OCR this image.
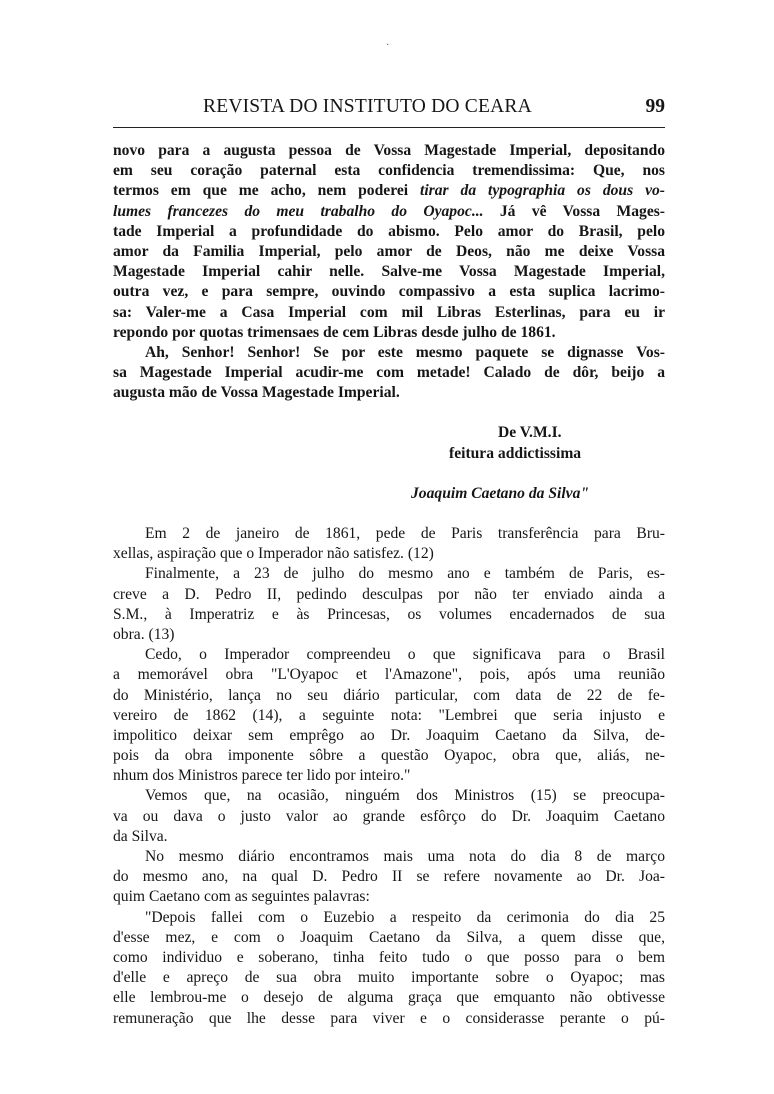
·
REVISTA DO INSTITUTO DO CEARA	99
novo para a augusta pessoa de Vossa Magestade Imperial, depositando
em seu coração paternal esta confidencia tremendissima: Que, nos
termos em que me acho, nem poderei tirar da typographia os dous vo-
lumes francezes do meu trabalho do Oyapoc... Já vê Vossa Mages-
tade Imperial a profundidade do abismo. Pelo amor do Brasil, pelo
amor da Familia Imperial, pelo amor de Deos, não me deixe Vossa
Magestade Imperial cahir nelle. Salve-me Vossa Magestade Imperial,
outra vez, e para sempre, ouvindo compassivo a esta suplica lacrimo-
sa: Valer-me a Casa Imperial com mil Libras Esterlinas, para eu ir
repondo por quotas trimensaes de cem Libras desde julho de 1861.
Ah, Senhor! Senhor! Se por este mesmo paquete se dignasse Vos-
sa Magestade Imperial acudir-me com metade! Calado de dôr, beijo a
augusta mão de Vossa Magestade Imperial.
De V.M.I.
feitura addictissima
Joaquim Caetano da Silva"
Em 2 de janeiro de 1861, pede de Paris transferência para Bru-
xellas, aspiração que o Imperador não satisfez. (12)
Finalmente, a 23 de julho do mesmo ano e também de Paris, es-
creve a D. Pedro II, pedindo desculpas por não ter enviado ainda a
S.M., à Imperatriz e às Princesas, os volumes encadernados de sua
obra. (13)
Cedo, o Imperador compreendeu o que significava para o Brasil
a memorável obra "L'Oyapoc et l'Amazone", pois, após uma reunião
do Ministério, lança no seu diário particular, com data de 22 de fe-
vereiro de 1862 (14), a seguinte nota: "Lembrei que seria injusto e
impolitico deixar sem emprêgo ao Dr. Joaquim Caetano da Silva, de-
pois da obra imponente sôbre a questão Oyapoc, obra que, aliás, ne-
nhum dos Ministros parece ter lido por inteiro."
Vemos que, na ocasião, ninguém dos Ministros (15) se preocupa-
va ou dava o justo valor ao grande esfôrço do Dr. Joaquim Caetano
da Silva.
No mesmo diário encontramos mais uma nota do dia 8 de março
do mesmo ano, na qual D. Pedro II se refere novamente ao Dr. Joa-
quim Caetano com as seguintes palavras:
"Depois fallei com o Euzebio a respeito da cerimonia do dia 25
d'esse mez, e com o Joaquim Caetano da Silva, a quem disse que,
como individuo e soberano, tinha feito tudo o que posso para o bem
d'elle e apreço de sua obra muito importante sobre o Oyapoc; mas
elle lembrou-me o desejo de alguma graça que emquanto não obtivesse
remuneração que lhe desse para viver e o considerasse perante o pú-
